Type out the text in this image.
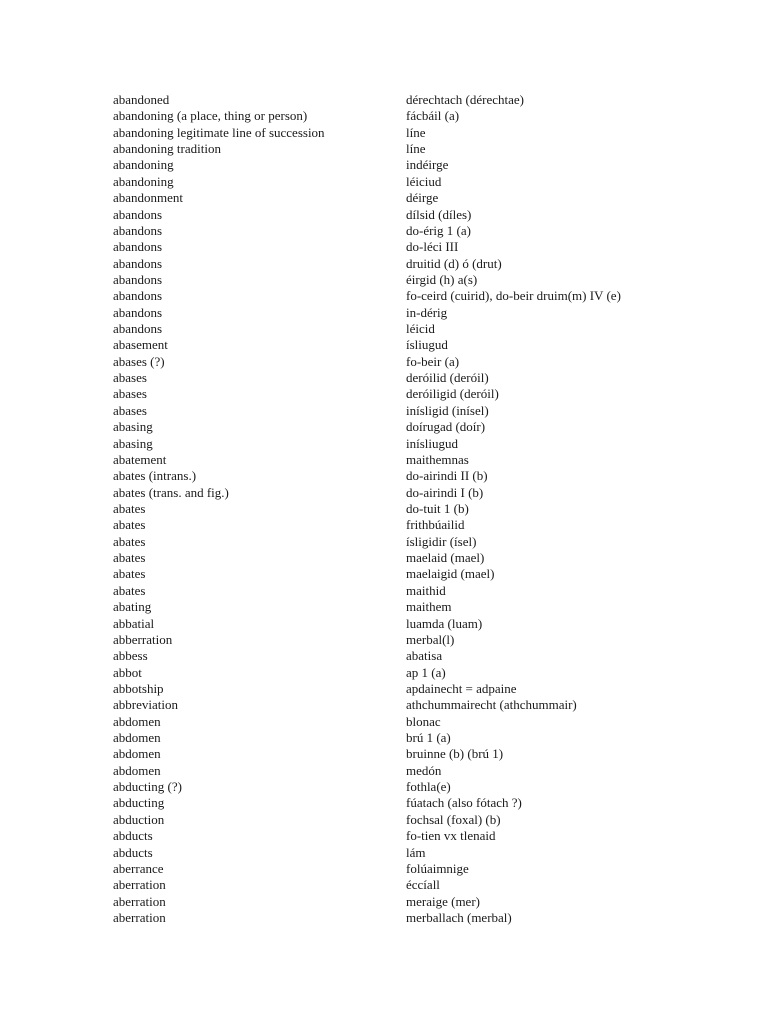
abandoned	dérechtach (dérechtae)
abandoning (a place, thing or person)	fácbáil (a)
abandoning legitimate line of succession	líne
abandoning tradition	líne
abandoning	indéirge
abandoning	léiciud
abandonment	déirge
abandons	dílsid (díles)
abandons	do-érig 1 (a)
abandons	do-léci III
abandons	druitid (d) ó (drut)
abandons	éirgid (h) a(s)
abandons	fo-ceird (cuirid), do-beir druim(m) IV (e)
abandons	in-dérig
abandons	léicid
abasement	ísliugud
abases (?)	fo-beir (a)
abases	deróilid (deróil)
abases	deróiligid (deróil)
abases	inísligid (inísel)
abasing	doírugad (doír)
abasing	inísliugud
abatement	maithemnas
abates (intrans.)	do-airindi II (b)
abates (trans. and fig.)	do-airindi I (b)
abates	do-tuit 1 (b)
abates	frithbúailid
abates	ísligidir (ísel)
abates	maelaid (mael)
abates	maelaigid (mael)
abates	maithid
abating	maithem
abbatial	luamda (luam)
abberration	merbal(l)
abbess	abatisa
abbot	ap 1 (a)
abbotship	apdainecht = adpaine
abbreviation	athchummairecht (athchummair)
abdomen	blonac
abdomen	brú 1 (a)
abdomen	bruinne (b) (brú 1)
abdomen	medón
abducting (?)	fothla(e)
abducting	fúatach (also fótach ?)
abduction	fochsal (foxal) (b)
abducts	fo-tien vx tlenaid
abducts	lám
aberrance	folúaimnige
aberration	éccíall
aberration	meraige (mer)
aberration	merballach (merbal)
